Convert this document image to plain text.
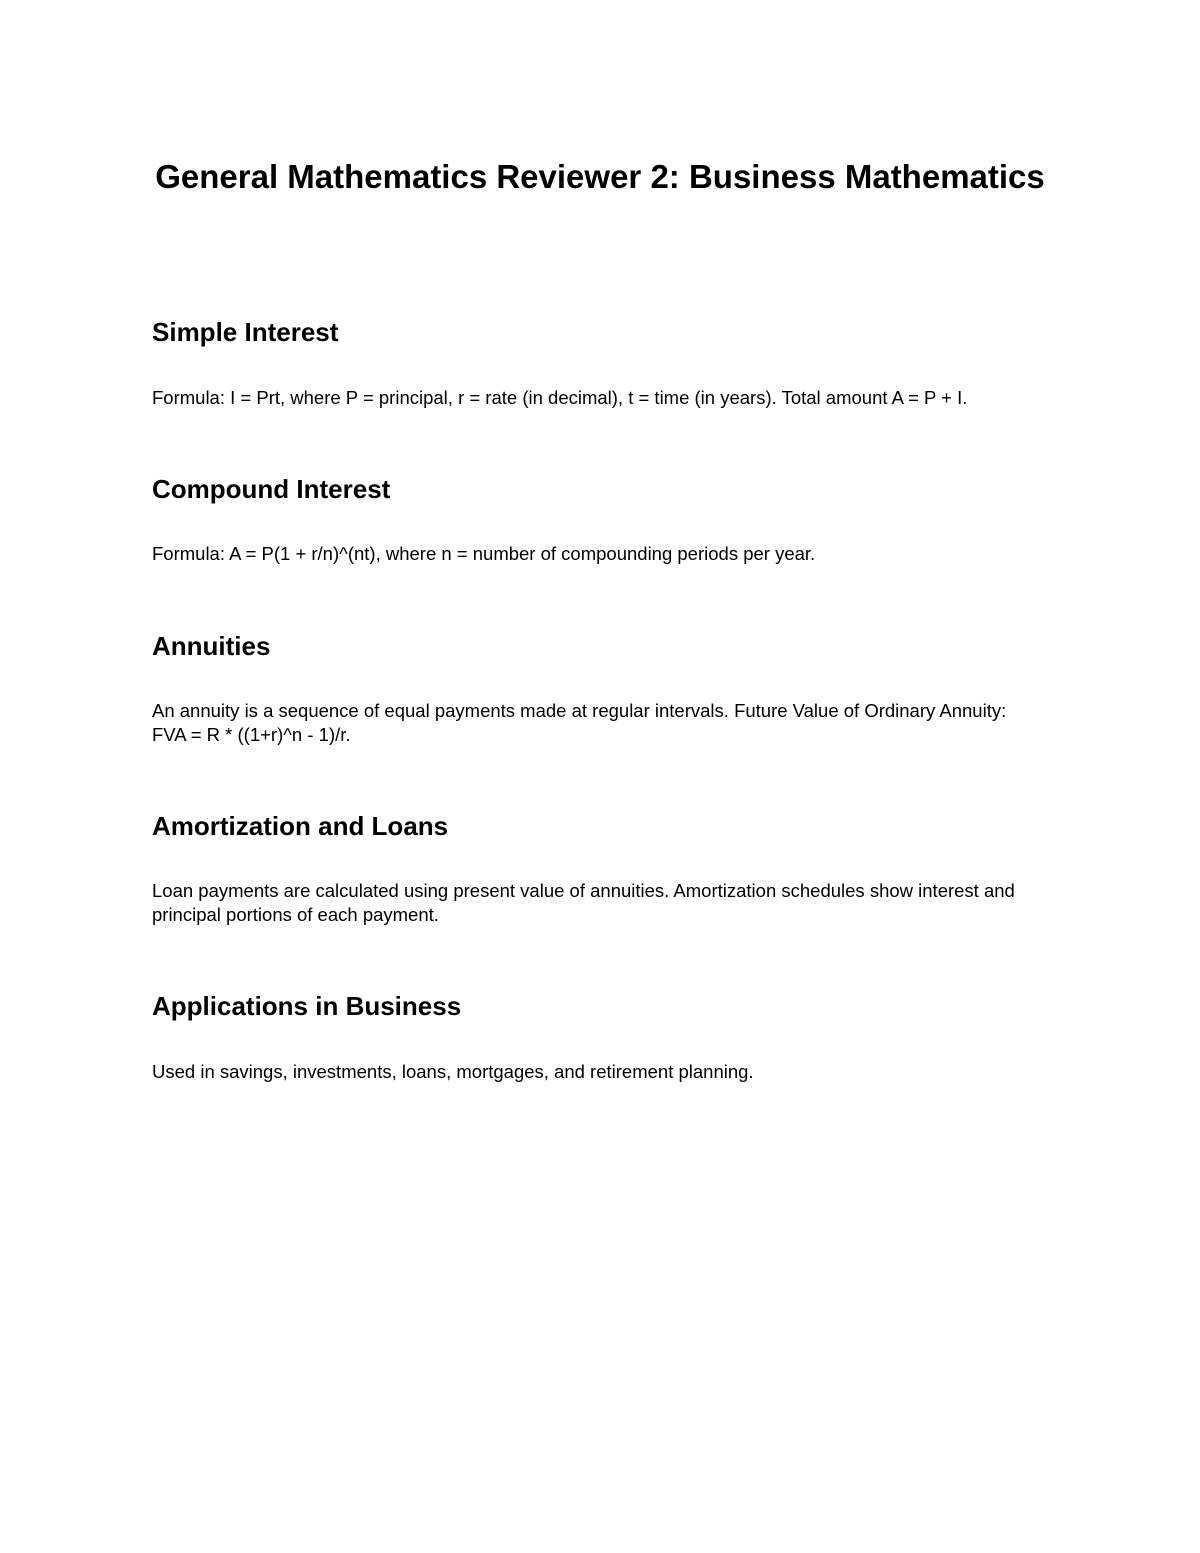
General Mathematics Reviewer 2: Business Mathematics
Simple Interest

Formula: I = Prt, where P = principal, r = rate (in decimal), t = time (in years). Total amount A = P + I.

Compound Interest

Formula: A = P(1 + r/n)^(nt), where n = number of compounding periods per year.

Annuities

An annuity is a sequence of equal payments made at regular intervals. Future Value of Ordinary Annuity: FVA = R * ((1+r)^n - 1)/r.

Amortization and Loans

Loan payments are calculated using present value of annuities. Amortization schedules show interest and principal portions of each payment.

Applications in Business

Used in savings, investments, loans, mortgages, and retirement planning.
